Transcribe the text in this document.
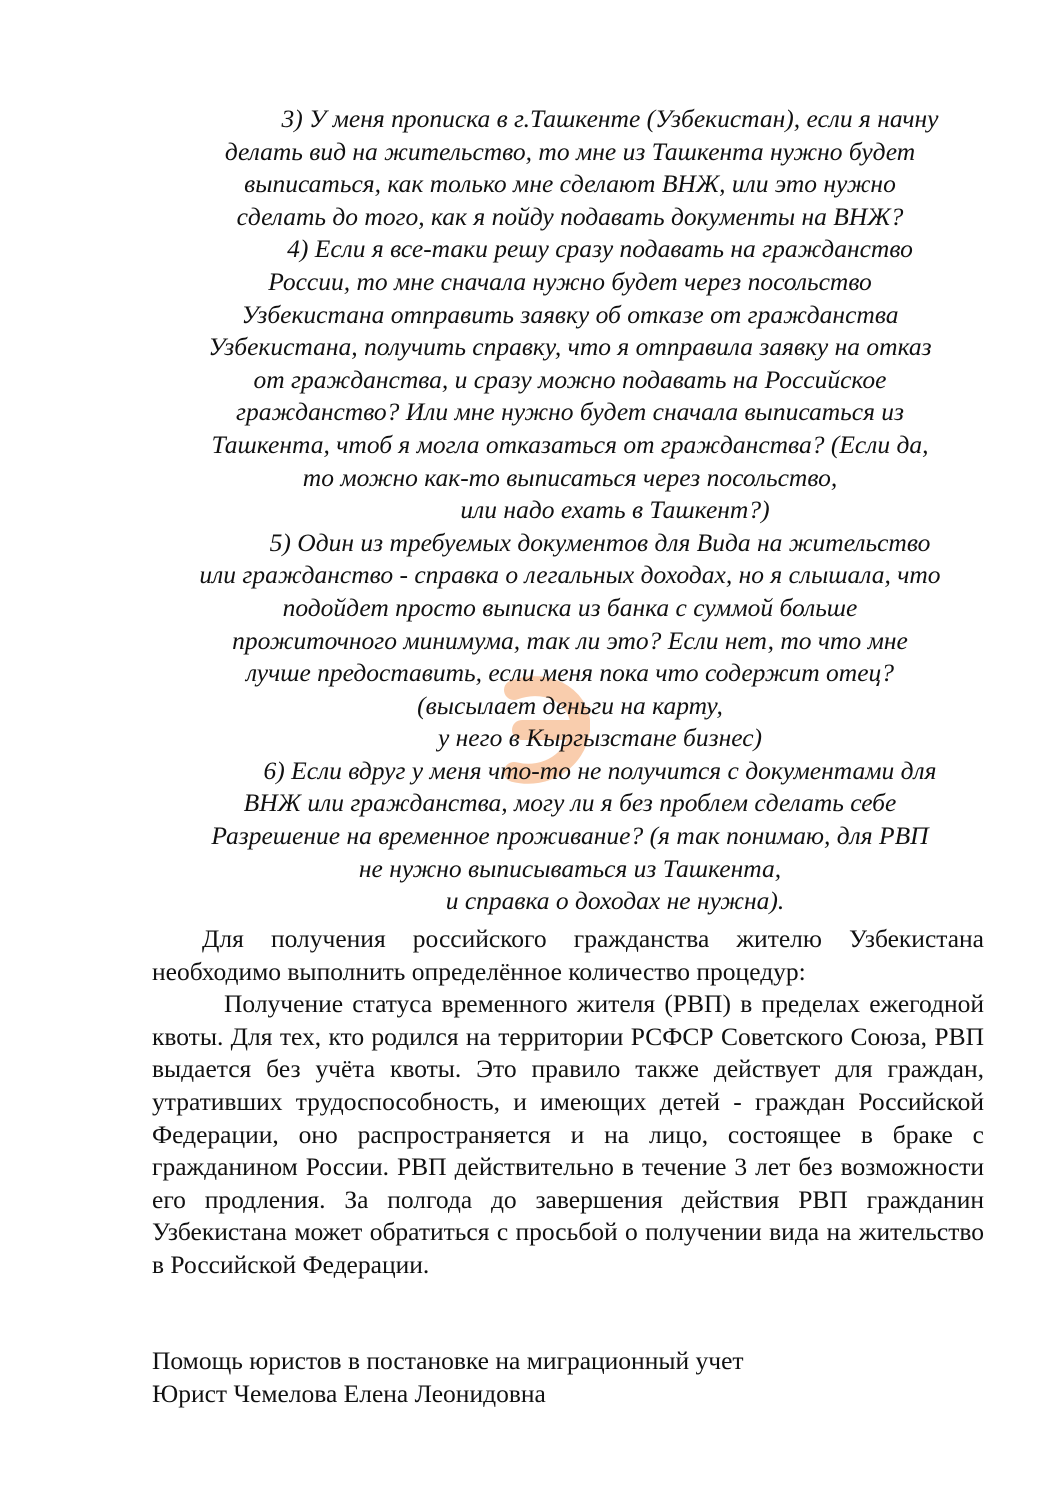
3) У меня прописка в г.Ташкенте (Узбекистан), если я начну
делать вид на жительство, то мне из Ташкента нужно будет
выписаться, как только мне сделают ВНЖ, или это нужно
сделать до того, как я пойду подавать документы на ВНЖ?
4) Если я все-таки решу сразу подавать на гражданство
России, то мне сначала нужно будет через посольство
Узбекистана отправить заявку об отказе от гражданства
Узбекистана, получить справку, что я отправила заявку на отказ
от гражданства, и сразу можно подавать на Российское
гражданство? Или мне нужно будет сначала выписаться из
Ташкента, чтоб я могла отказаться от гражданства? (Если да,
то можно как-то выписаться через посольство,
или надо ехать в Ташкент?)
5) Один из требуемых документов для Вида на жительство
или гражданство - справка о легальных доходах, но я слышала, что
подойдет просто выписка из банка с суммой больше
прожиточного минимума, так ли это? Если нет, то что мне
лучше предоставить, если меня пока что содержит отец?
(высылает деньги на карту,
у него в Кыргызстане бизнес)
6) Если вдруг у меня что-то не получится с документами для
ВНЖ или гражданства, могу ли я без проблем сделать себе
Разрешение на временное проживание? (я так понимаю, для РВП
не нужно выписываться из Ташкента,
и справка о доходах не нужна).

Для получения российского гражданства жителю Узбекистана необходимо выполнить определённое количество процедур:

Получение статуса временного жителя (РВП) в пределах ежегодной квоты. Для тех, кто родился на территории РСФСР Советского Союза, РВП выдается без учёта квоты. Это правило также действует для граждан, утративших трудоспособность, и имеющих детей - граждан Российской Федерации, оно распространяется и на лицо, состоящее в браке с гражданином России. РВП действительно в течение 3 лет без возможности его продления. За полгода до завершения действия РВП гражданин Узбекистана может обратиться с просьбой о получении вида на жительство в Российской Федерации.

Помощь юристов в постановке на миграционный учет
Юрист Чемелова Елена Леонидовна
